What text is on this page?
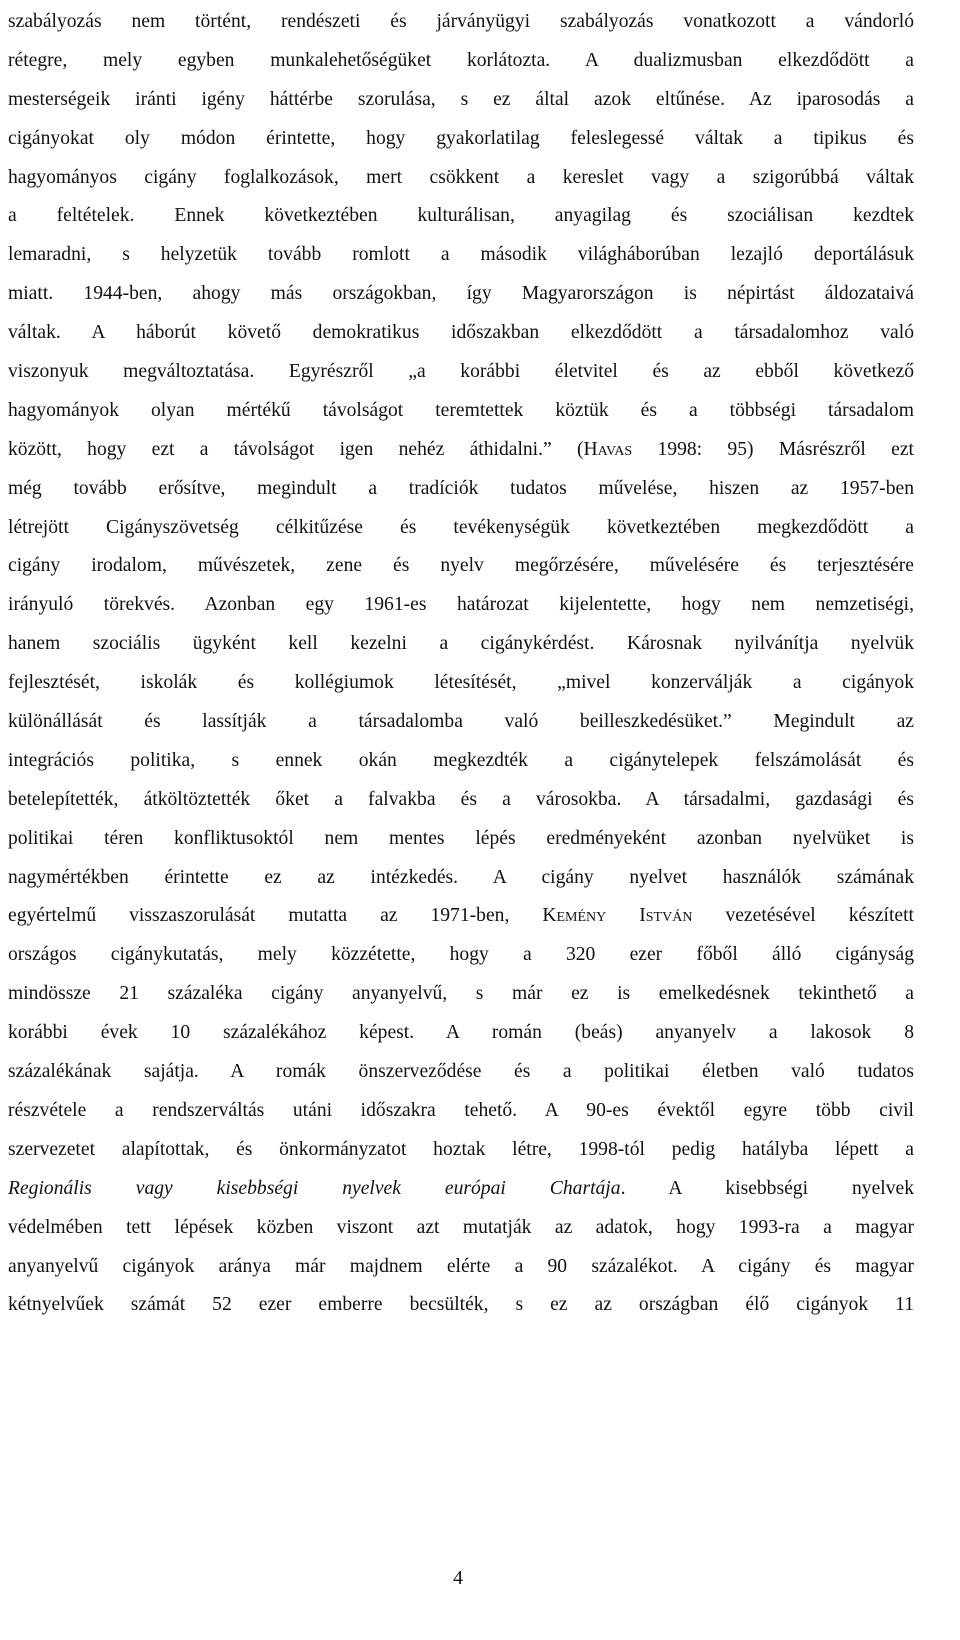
szabályozás nem történt, rendészeti és járványügyi szabályozás vonatkozott a vándorló
rétegre, mely egyben munkalehetőségüket korlátozta. A dualizmusban elkezdődött a
mesterségeik iránti igény háttérbe szorulása, s ez által azok eltűnése. Az iparosodás a
cigányokat oly módon érintette, hogy gyakorlatilag feleslegessé váltak a tipikus és
hagyományos cigány foglalkozások, mert csökkent a kereslet vagy a szigorúbbá váltak
a feltételek. Ennek következtében kulturálisan, anyagilag és szociálisan kezdtek
lemaradni, s helyzetük tovább romlott a második világháborúban lezajló deportálásuk
miatt. 1944-ben, ahogy más országokban, így Magyarországon is népirtást áldozataivá
váltak. A háborút követő demokratikus időszakban elkezdődött a társadalomhoz való
viszonyuk megváltoztatása. Egyrészről „a korábbi életvitel és az ebből következő
hagyományok olyan mértékű távolságot teremtettek köztük és a többségi társadalom
között, hogy ezt a távolságot igen nehéz áthidalni.” (Havas 1998: 95) Másrészről ezt
még tovább erősítve, megindult a tradíciók tudatos művelése, hiszen az 1957-ben
létrejött Cigányszövetség célkitűzése és tevékenységük következtében megkezdődött a
cigány irodalom, művészetek, zene és nyelv megőrzésére, művelésére és terjesztésére
irányuló törekvés. Azonban egy 1961-es határozat kijelentette, hogy nem nemzetiségi,
hanem szociális ügyként kell kezelni a cigánykérdést. Károsnak nyilvánítja nyelvük
fejlesztését, iskolák és kollégiumok létesítését, „mivel konzerválják a cigányok
különállását és lassítják a társadalomba való beilleszkedésüket.” Megindult az
integrációs politika, s ennek okán megkezdték a cigánytelepek felszámolását és
betelepítették, átköltöztették őket a falvakba és a városokba. A társadalmi, gazdasági és
politikai téren konfliktusoktól nem mentes lépés eredményeként azonban nyelvüket is
nagymértékben érintette ez az intézkedés. A cigány nyelvet használók számának
egyértelmű visszaszorulását mutatta az 1971-ben, Kemény István vezetésével készített
országos cigánykutatás, mely közzétette, hogy a 320 ezer főből álló cigányság
mindössze 21 százaléka cigány anyanyelvű, s már ez is emelkedésnek tekinthető a
korábbi évek 10 százalékához képest. A román (beás) anyanyelv a lakosok 8
százalékának sajátja. A romák önszerveződése és a politikai életben való tudatos
részvétele a rendszerváltás utáni időszakra tehető. A 90-es évektől egyre több civil
szervezetet alapítottak, és önkormányzatot hoztak létre, 1998-tól pedig hatályba lépett a
Regionális vagy kisebbségi nyelvek európai Chartája. A kisebbségi nyelvek
védelmében tett lépések közben viszont azt mutatják az adatok, hogy 1993-ra a magyar
anyanyelvű cigányok aránya már majdnem elérte a 90 százalékot. A cigány és magyar
kétnyelvűek számát 52 ezer emberre becsülték, s ez az országban élő cigányok 11
4
